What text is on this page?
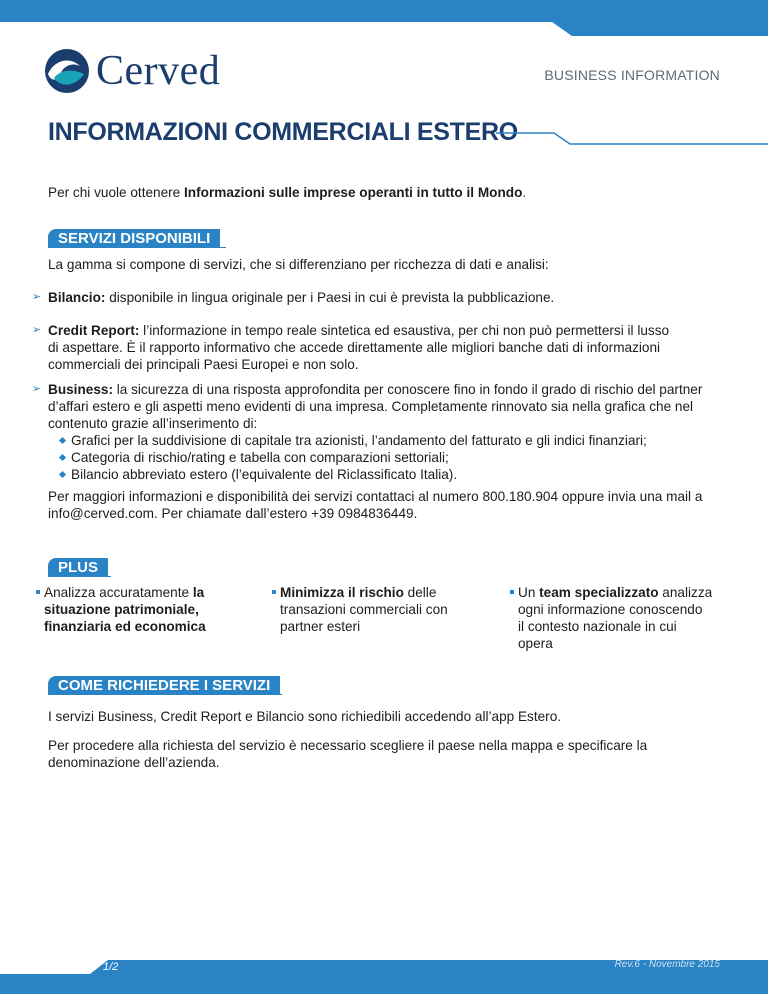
Cerved	BUSINESS INFORMATION
INFORMAZIONI COMMERCIALI ESTERO
Per chi vuole ottenere Informazioni sulle imprese operanti in tutto il Mondo.
SERVIZI DISPONIBILI
La gamma si compone di servizi, che si differenziano per ricchezza di dati e analisi:
➢ Bilancio: disponibile in lingua originale per i Paesi in cui è prevista la pubblicazione.
➢ Credit Report: l’informazione in tempo reale sintetica ed esaustiva, per chi non può permettersi il lusso
di aspettare. È il rapporto informativo che accede direttamente alle migliori banche dati di informazioni
commerciali dei principali Paesi Europei e non solo.
➢ Business: la sicurezza di una risposta approfondita per conoscere fino in fondo il grado di rischio del partner
d’affari estero e gli aspetti meno evidenti di una impresa. Completamente rinnovato sia nella grafica che nel
contenuto grazie all’inserimento di:
Grafici per la suddivisione di capitale tra azionisti, l’andamento del fatturato e gli indici finanziari;
Categoria di rischio/rating e tabella con comparazioni settoriali;
Bilancio abbreviato estero (l’equivalente del Riclassificato Italia).
Per maggiori informazioni e disponibilità dei servizi contattaci al numero 800.180.904 oppure invia una mail a
info@cerved.com. Per chiamate dall’estero +39 0984836449.
PLUS
Analizza accuratamente la
situazione patrimoniale,
finanziaria ed economica
Minimizza il rischio delle
transazioni commerciali con
partner esteri
Un team specializzato analizza
ogni informazione conoscendo
il contesto nazionale in cui
opera
COME RICHIEDERE I SERVIZI
I servizi Business, Credit Report e Bilancio sono richiedibili accedendo all’app Estero.
Per procedere alla richiesta del servizio è necessario scegliere il paese nella mappa e specificare la
denominazione dell’azienda.
1/2	Rev.6 - Novembre 2015
